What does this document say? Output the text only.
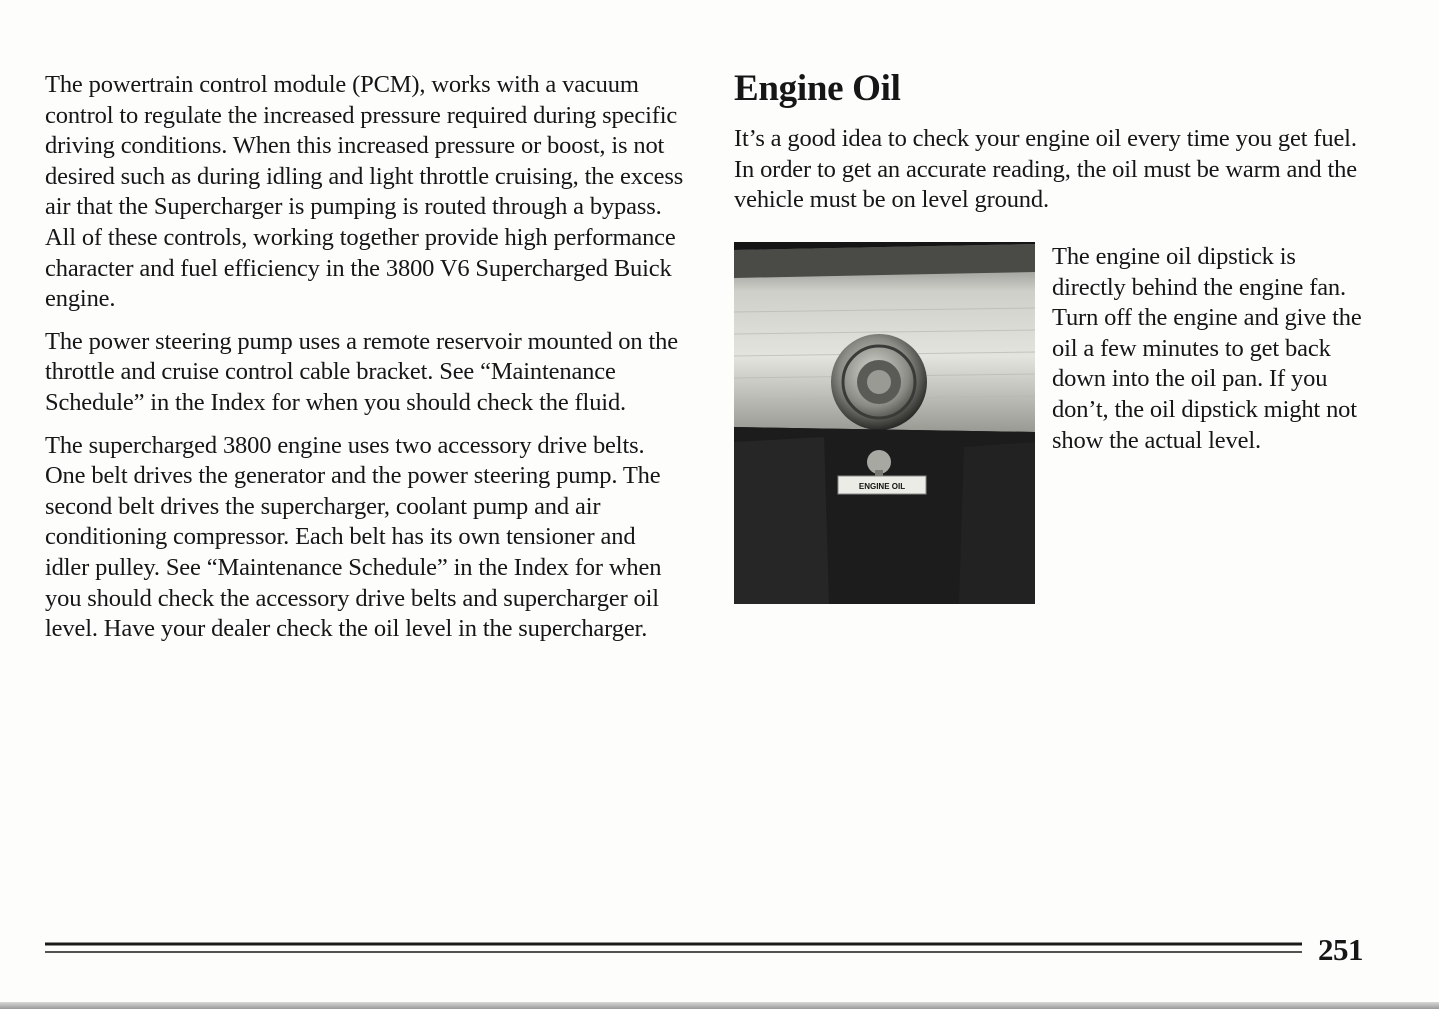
The powertrain control module (PCM), works with a vacuum control to regulate the increased pressure required during specific driving conditions. When this increased pressure or boost, is not desired such as during idling and light throttle cruising, the excess air that the Supercharger is pumping is routed through a bypass. All of these controls, working together provide high performance character and fuel efficiency in the 3800 V6 Supercharged Buick engine.

The power steering pump uses a remote reservoir mounted on the throttle and cruise control cable bracket. See “Maintenance Schedule” in the Index for when you should check the fluid.

The supercharged 3800 engine uses two accessory drive belts. One belt drives the generator and the power steering pump. The second belt drives the supercharger, coolant pump and air conditioning compressor. Each belt has its own tensioner and idler pulley. See “Maintenance Schedule” in the Index for when you should check the accessory drive belts and supercharger oil level. Have your dealer check the oil level in the supercharger.

Engine Oil

It’s a good idea to check your engine oil every time you get fuel. In order to get an accurate reading, the oil must be warm and the vehicle must be on level ground.

ENGINE OIL

The engine oil dipstick is directly behind the engine fan. Turn off the engine and give the oil a few minutes to get back down into the oil pan. If you don’t, the oil dipstick might not show the actual level.

251
